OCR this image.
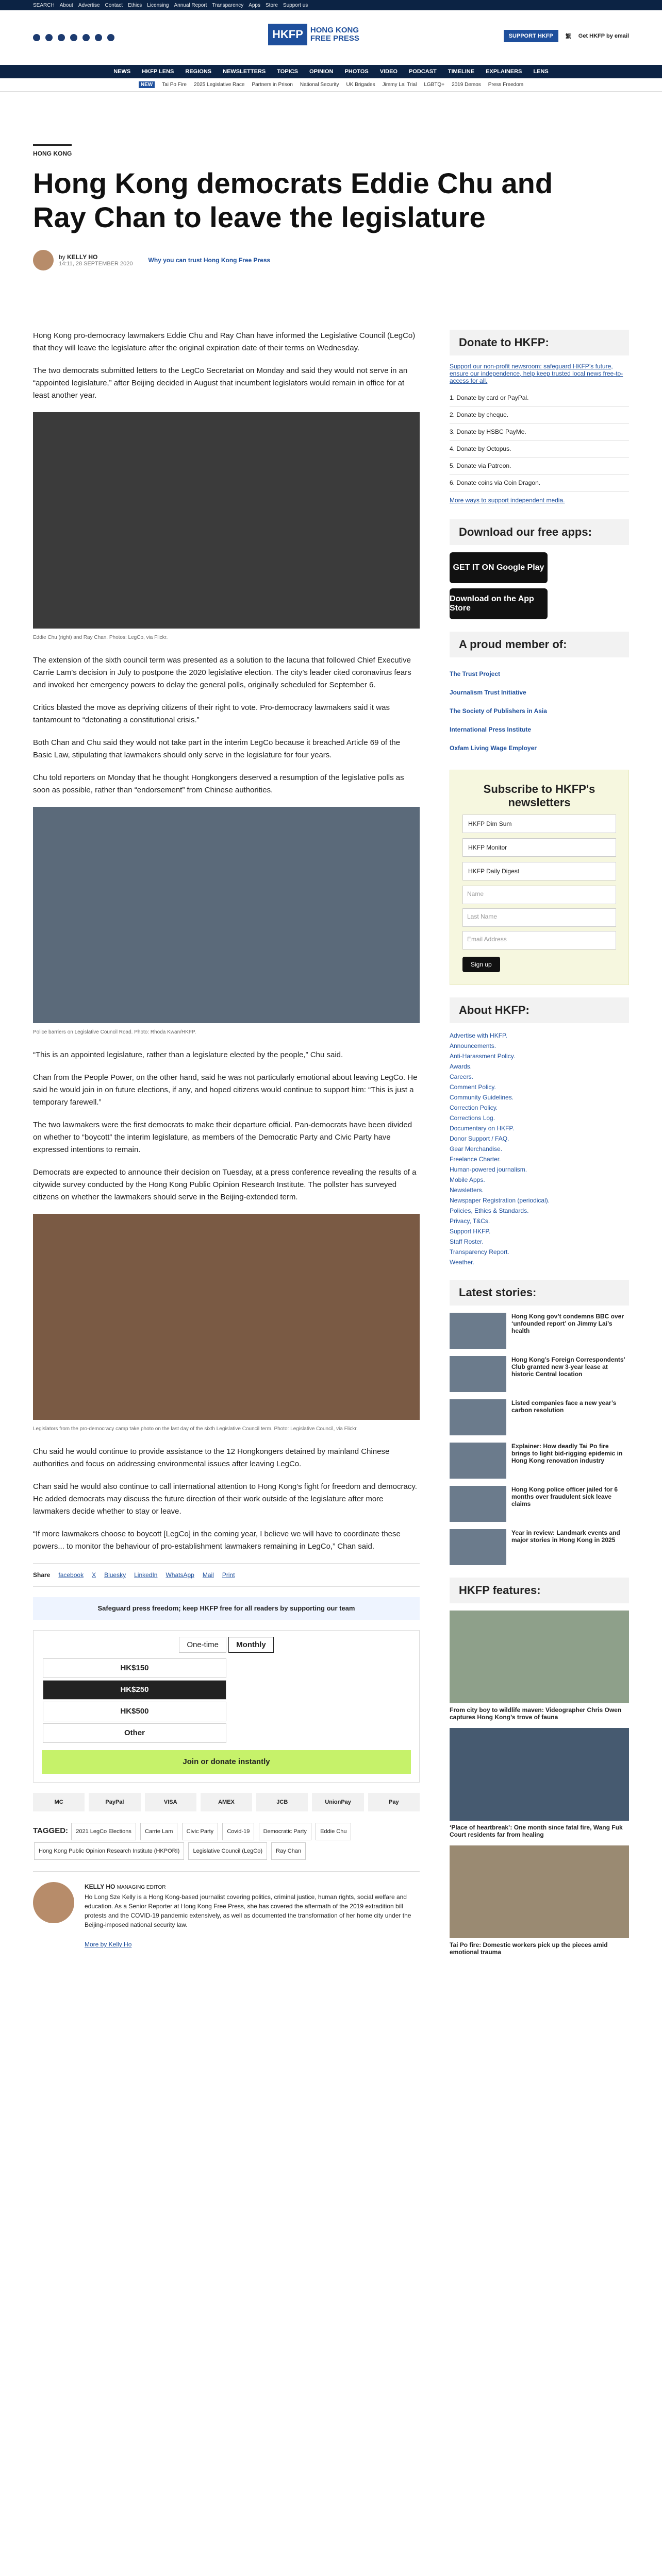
SEARCH About Advertise Contact Ethics Licensing Annual Report Transparency Apps Store Support us
HKFP HONG KONG
FREE PRESS	SUPPORT HKFP	繁 Get HKFP by email
NEWS HKFP LENS REGIONS NEWSLETTERS TOPICS OPINION PHOTOS VIDEO PODCAST TIMELINE EXPLAINERS LENS
NEW	Tai Po Fire 2025 Legislative Race Partners in Prison National Security UK Brigades Jimmy Lai Trial LGBTQ+ 2019 Demos Press Freedom
HONG KONG
Hong Kong democrats Eddie Chu and Ray Chan to leave the legislature
by KELLY HO
14:11, 28 SEPTEMBER 2020	Why you can trust Hong Kong Free Press

Hong Kong pro-democracy lawmakers Eddie Chu and Ray Chan have informed the Legislative Council (LegCo) that they will leave the legislature after the original expiration date of their terms on Wednesday.

The two democrats submitted letters to the LegCo Secretariat on Monday and said they would not serve in an “appointed legislature,” after Beijing decided in August that incumbent legislators would remain in office for at least another year.

Eddie Chu (right) and Ray Chan. Photos: LegCo, via Flickr.

The extension of the sixth council term was presented as a solution to the lacuna that followed Chief Executive Carrie Lam’s decision in July to postpone the 2020 legislative election. The city’s leader cited coronavirus fears and invoked her emergency powers to delay the general polls, originally scheduled for September 6.

Critics blasted the move as depriving citizens of their right to vote. Pro-democracy lawmakers said it was tantamount to “detonating a constitutional crisis.”

Both Chan and Chu said they would not take part in the interim LegCo because it breached Article 69 of the Basic Law, stipulating that lawmakers should only serve in the legislature for four years.

Chu told reporters on Monday that he thought Hongkongers deserved a resumption of the legislative polls as soon as possible, rather than “endorsement” from Chinese authorities.

Police barriers on Legislative Council Road. Photo: Rhoda Kwan/HKFP.

“This is an appointed legislature, rather than a legislature elected by the people,” Chu said.

Chan from the People Power, on the other hand, said he was not particularly emotional about leaving LegCo. He said he would join in on future elections, if any, and hoped citizens would continue to support him: “This is just a temporary farewell.”

The two lawmakers were the first democrats to make their departure official. Pan-democrats have been divided on whether to “boycott” the interim legislature, as members of the Democratic Party and Civic Party have expressed intentions to remain.

Democrats are expected to announce their decision on Tuesday, at a press conference revealing the results of a citywide survey conducted by the Hong Kong Public Opinion Research Institute. The pollster has surveyed citizens on whether the lawmakers should serve in the Beijing-extended term.

Legislators from the pro-democracy camp take photo on the last day of the sixth Legislative Council term. Photo: Legislative Council, via Flickr.

Chu said he would continue to provide assistance to the 12 Hongkongers detained by mainland Chinese authorities and focus on addressing environmental issues after leaving LegCo.

Chan said he would also continue to call international attention to Hong Kong’s fight for freedom and democracy. He added democrats may discuss the future direction of their work outside of the legislature after more lawmakers decide whether to stay or leave.

“If more lawmakers choose to boycott [LegCo] in the coming year, I believe we will have to coordinate these powers... to monitor the behaviour of pro-establishment lawmakers remaining in LegCo,” Chan said.

Share facebook X Bluesky LinkedIn WhatsApp Mail Print
Safeguard press freedom; keep HKFP free for all readers by supporting our team
One-time Monthly
HK$150 HK$250 HK$500 Other
Join or donate instantly
MC	PayPal	VISA	AMEX	JCB	UnionPay	Pay
TAGGED: 2021 LegCo Elections Carrie Lam Civic Party Covid-19 Democratic Party Eddie Chu Hong Kong Public Opinion Research Institute (HKPORI) Legislative Council (LegCo) Ray Chan
KELLY HO MANAGING EDITOR

Ho Long Sze Kelly is a Hong Kong-based journalist covering politics, criminal justice, human rights, social welfare and education. As a Senior Reporter at Hong Kong Free Press, she has covered the aftermath of the 2019 extradition bill protests and the COVID-19 pandemic extensively, as well as documented the transformation of her home city under the Beijing-imposed national security law.

More by Kelly Ho
Donate to HKFP:

Support our non-profit newsroom: safeguard HKFP’s future, ensure our independence, help keep trusted local news free-to-access for all.

1. Donate by card or PayPal.
2. Donate by cheque.
3. Donate by HSBC PayMe.
4. Donate by Octopus.
5. Donate via Patreon.
6. Donate coins via Coin Dragon.

More ways to support independent media.

Download our free apps:
GET IT ON Google Play
Download on the App Store
A proud member of:
The Trust Project
Journalism Trust Initiative
The Society of Publishers in Asia
International Press Institute
Oxfam Living Wage Employer
Subscribe to HKFP's newsletters
HKFP Dim Sum
HKFP Monitor
HKFP Daily Digest
Name
Last Name
Email Address
Sign up
About HKFP:
Advertise with HKFP.
Announcements.
Anti-Harassment Policy.
Awards.
Careers.
Comment Policy.
Community Guidelines.
Correction Policy.
Corrections Log.
Documentary on HKFP.
Donor Support / FAQ.
Gear Merchandise.
Freelance Charter.
Human-powered journalism.
Mobile Apps.
Newsletters.
Newspaper Registration (periodical).
Policies, Ethics & Standards.
Privacy, T&Cs.
Support HKFP.
Staff Roster.
Transparency Report.
Weather.
Latest stories:
Hong Kong gov’t condemns BBC over ‘unfounded report’ on Jimmy Lai’s health
Hong Kong’s Foreign Correspondents’ Club granted new 3-year lease at historic Central location
Listed companies face a new year’s carbon resolution
Explainer: How deadly Tai Po fire brings to light bid-rigging epidemic in Hong Kong renovation industry
Hong Kong police officer jailed for 6 months over fraudulent sick leave claims
Year in review: Landmark events and major stories in Hong Kong in 2025
HKFP features:
From city boy to wildlife maven: Videographer Chris Owen captures Hong Kong’s trove of fauna
‘Place of heartbreak’: One month since fatal fire, Wang Fuk Court residents far from healing
Tai Po fire: Domestic workers pick up the pieces amid emotional trauma
